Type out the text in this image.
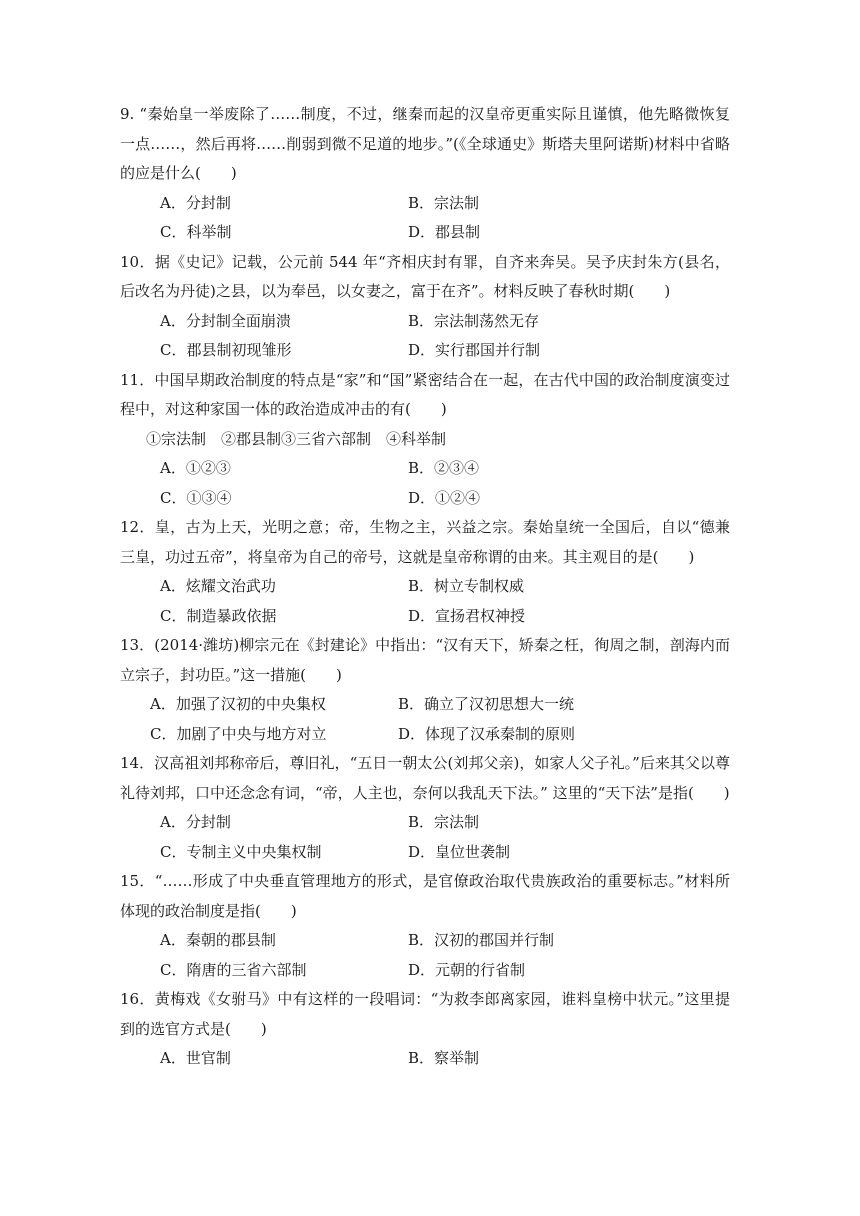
9. “秦始皇一举废除了……制度，不过，继秦而起的汉皇帝更重实际且谨慎，他先略微恢复一点……，然后再将……削弱到微不足道的地步。”(《全球通史》斯塔夫里阿诺斯)材料中省略的应是什么(　　)

A．分封制	B．宗法制
C．科举制	D．郡县制

10．据《史记》记载，公元前 544 年“齐相庆封有罪，自齐来奔吴。吴予庆封朱方(县名，后改名为丹徒)之县，以为奉邑，以女妻之，富于在齐”。材料反映了春秋时期(　　)

A．分封制全面崩溃	B．宗法制荡然无存
C．郡县制初现雏形	D．实行郡国并行制

11．中国早期政治制度的特点是“家”和“国”紧密结合在一起，在古代中国的政治制度演变过程中，对这种家国一体的政治造成冲击的有(　　)

①宗法制　②郡县制③三省六部制　④科举制

A．①②③	B．②③④
C．①③④	D．①②④

12．皇，古为上天，光明之意；帝，生物之主，兴益之宗。秦始皇统一全国后，自以“德兼三皇，功过五帝”，将皇帝为自己的帝号，这就是皇帝称谓的由来。其主观目的是(　　)

A．炫耀文治武功	B．树立专制权威
C．制造暴政依据	D．宣扬君权神授

13．(2014·潍坊)柳宗元在《封建论》中指出：“汉有天下，矫秦之枉，徇周之制，剖海内而立宗子，封功臣。”这一措施(　　)

A．加强了汉初的中央集权	B．确立了汉初思想大一统
C．加剧了中央与地方对立	D．体现了汉承秦制的原则

14．汉高祖刘邦称帝后，尊旧礼，“五日一朝太公(刘邦父亲)，如家人父子礼。”后来其父以尊礼待刘邦，口中还念念有词，“帝，人主也，奈何以我乱天下法。” 这里的“天下法”是指(　　)

A．分封制	B．宗法制
C．专制主义中央集权制	D．皇位世袭制

15．“……形成了中央垂直管理地方的形式，是官僚政治取代贵族政治的重要标志。”材料所体现的政治制度是指(　　)

A．秦朝的郡县制	B．汉初的郡国并行制
C．隋唐的三省六部制	D．元朝的行省制

16．黄梅戏《女驸马》中有这样的一段唱词：“为救李郎离家园，谁料皇榜中状元。”这里提到的选官方式是(　　)

A．世官制	B．察举制
